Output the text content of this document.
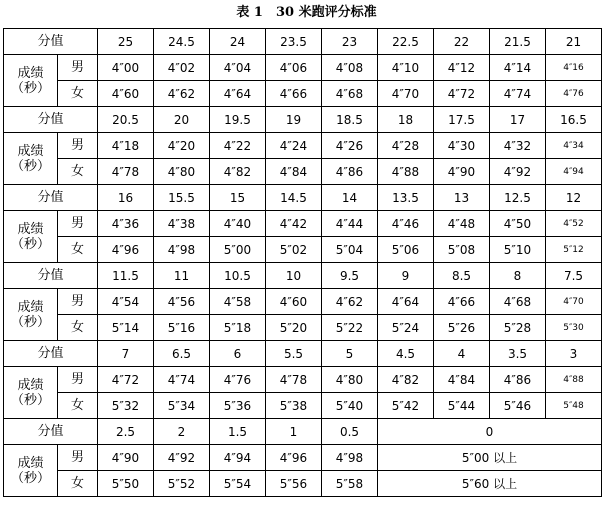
表 1　30 米跑评分标准
分值		25	24.5	24	23.5	23	22.5	22	21.5	21

成绩
（秒）	男	4″00	4″02	4″04	4″06	4″08	4″10	4″12	4″14	4″16
	女	4″60	4″62	4″64	4″66	4″68	4″70	4″72	4″74	4″76
分值		20.5	20	19.5	19	18.5	18	17.5	17	16.5

成绩
（秒）	男	4″18	4″20	4″22	4″24	4″26	4″28	4″30	4″32	4″34
	女	4″78	4″80	4″82	4″84	4″86	4″88	4″90	4″92	4″94
分值		16	15.5	15	14.5	14	13.5	13	12.5	12

成绩
（秒）	男	4″36	4″38	4″40	4″42	4″44	4″46	4″48	4″50	4″52
	女	4″96	4″98	5″00	5″02	5″04	5″06	5″08	5″10	5″12
分值		11.5	11	10.5	10	9.5	9	8.5	8	7.5

成绩
（秒）	男	4″54	4″56	4″58	4″60	4″62	4″64	4″66	4″68	4″70
	女	5″14	5″16	5″18	5″20	5″22	5″24	5″26	5″28	5″30
分值		7	6.5	6	5.5	5	4.5	4	3.5	3

成绩
（秒）	男	4″72	4″74	4″76	4″78	4″80	4″82	4″84	4″86	4″88
	女	5″32	5″34	5″36	5″38	5″40	5″42	5″44	5″46	5″48
分值		2.5	2	1.5	1	0.5	0			

成绩
（秒）	男	4″90	4″92	4″94	4″96	4″98	5″00 以上			
	女	5″50	5″52	5″54	5″56	5″58	5″60 以上			
